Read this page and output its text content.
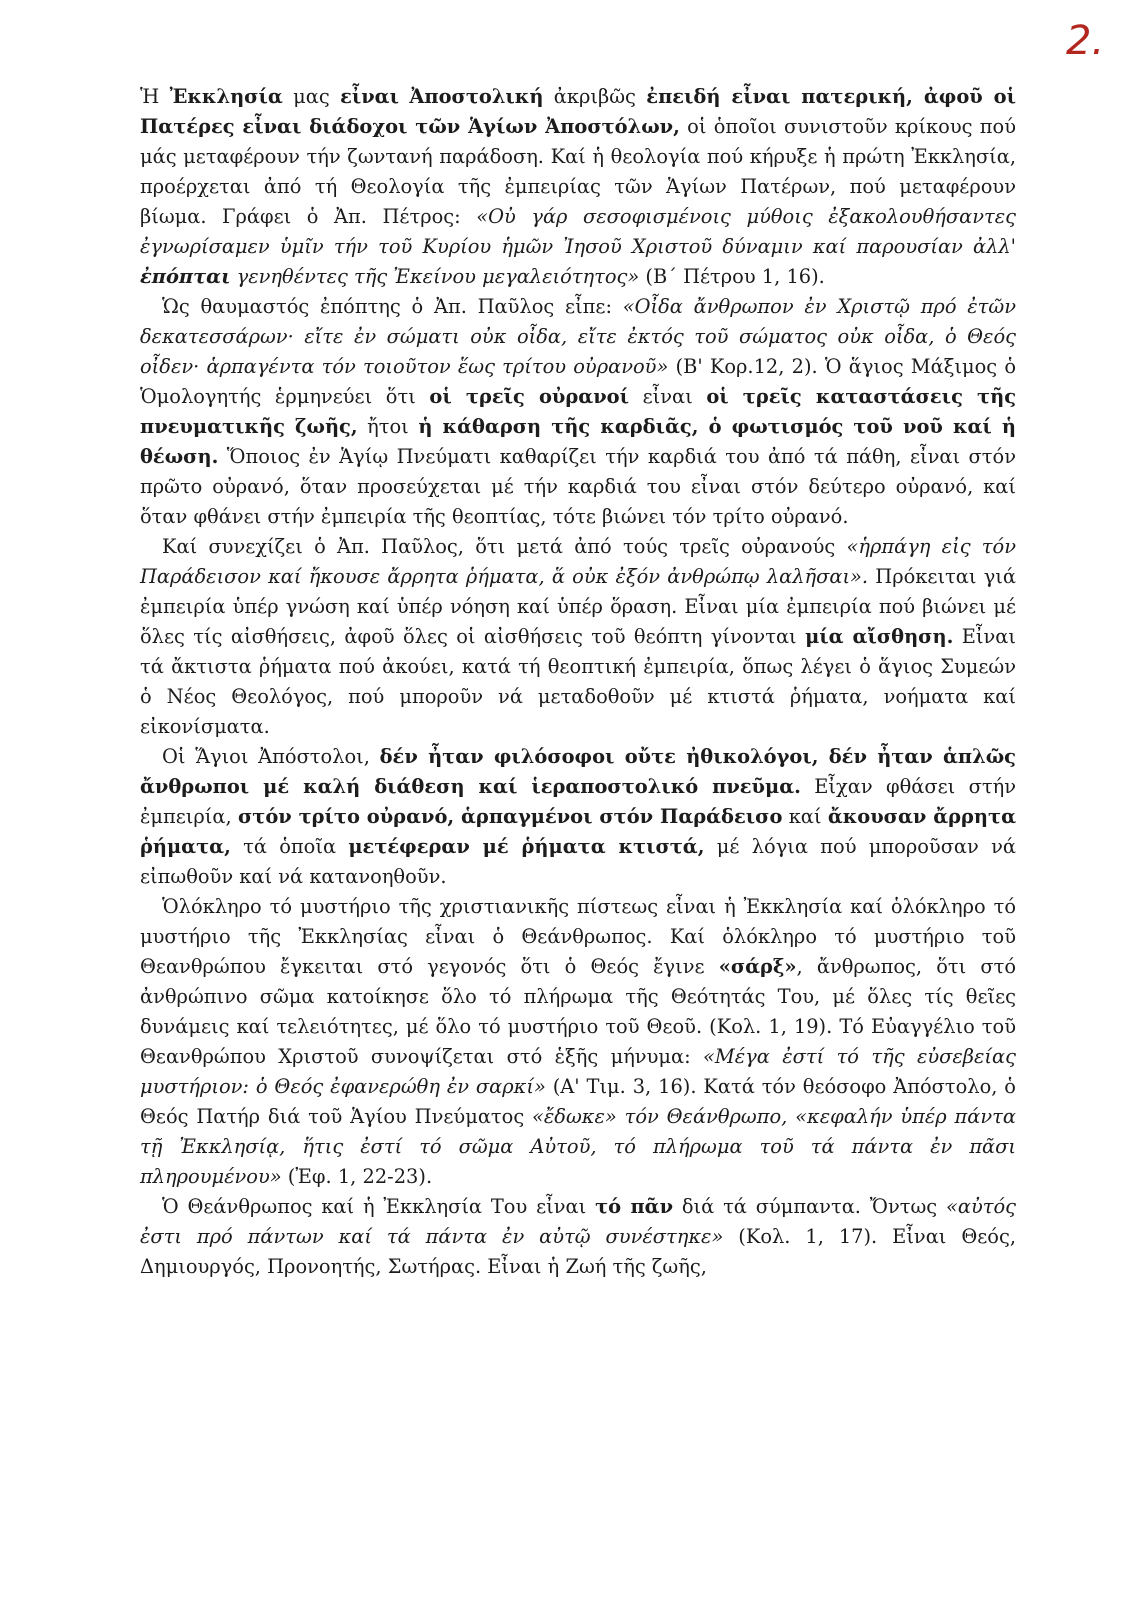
2.

Ἡ Ἐκκλησία μας εἶναι Ἀποστολική ἀκριβῶς ἐπειδή εἶναι πατερική, ἀφοῦ οἱ Πατέρες εἶναι διάδοχοι τῶν Ἁγίων Ἀποστόλων, οἱ ὁποῖοι συνιστοῦν κρίκους πού μάς μεταφέρουν τήν ζωντανή παράδοση. Καί ἡ θεολογία πού κήρυξε ἡ πρώτη Ἐκκλησία, προέρχεται ἀπό τή Θεολογία τῆς ἐμπειρίας τῶν Ἁγίων Πατέρων, πού μεταφέρουν βίωμα. Γράφει ὁ Ἀπ. Πέτρος: «Οὐ γάρ σεσοφισμένοις μύθοις ἐξακολουθήσαντες ἐγνωρίσαμεν ὑμῖν τήν τοῦ Κυρίου ἡμῶν Ἰησοῦ Χριστοῦ δύναμιν καί παρουσίαν ἀλλ' ἐπόπται γενηθέντες τῆς Ἐκείνου μεγαλειότητος» (Β´ Πέτρου 1, 16).

Ὡς θαυμαστός ἐπόπτης ὁ Ἀπ. Παῦλος εἶπε: «Οἶδα ἄνθρωπον ἐν Χριστῷ πρό ἐτῶν δεκατεσσάρων· εἴτε ἐν σώματι οὐκ οἶδα, εἴτε ἐκτός τοῦ σώματος οὐκ οἶδα, ὁ Θεός οἶδεν· ἁρπαγέντα τόν τοιοῦτον ἕως τρίτου οὐρανοῦ» (Β' Κορ.12, 2). Ὁ ἅγιος Μάξιμος ὁ Ὁμολογητής ἑρμηνεύει ὅτι οἱ τρεῖς οὐρανοί εἶναι οἱ τρεῖς καταστάσεις τῆς πνευματικῆς ζωῆς, ἤτοι ἡ κάθαρση τῆς καρδιᾶς, ὁ φωτισμός τοῦ νοῦ καί ἡ θέωση. Ὅποιος ἐν Ἁγίῳ Πνεύματι καθαρίζει τήν καρδιά του ἀπό τά πάθη, εἶναι στόν πρῶτο οὐρανό, ὅταν προσεύχεται μέ τήν καρδιά του εἶναι στόν δεύτερο οὐρανό, καί ὅταν φθάνει στήν ἐμπειρία τῆς θεοπτίας, τότε βιώνει τόν τρίτο οὐρανό.

Καί συνεχίζει ὁ Ἀπ. Παῦλος, ὅτι μετά ἀπό τούς τρεῖς οὐρανούς «ἡρπάγη εἰς τόν Παράδεισον καί ἤκουσε ἄρρητα ῥήματα, ἅ οὐκ ἐξόν ἀνθρώπῳ λαλῆσαι». Πρόκειται γιά ἐμπειρία ὑπέρ γνώση καί ὑπέρ νόηση καί ὑπέρ ὅραση. Εἶναι μία ἐμπειρία πού βιώνει μέ ὅλες τίς αἰσθήσεις, ἀφοῦ ὅλες οἱ αἰσθήσεις τοῦ θεόπτη γίνονται μία αἴσθηση. Εἶναι τά ἄκτιστα ῥήματα πού ἀκούει, κατά τή θεοπτική ἐμπειρία, ὅπως λέγει ὁ ἅγιος Συμεών ὁ Νέος Θεολόγος, πού μποροῦν νά μεταδοθοῦν μέ κτιστά ῥήματα, νοήματα καί εἰκονίσματα.

Οἱ Ἅγιοι Ἀπόστολοι, δέν ἦταν φιλόσοφοι οὔτε ἠθικολόγοι, δέν ἦταν ἁπλῶς ἄνθρωποι μέ καλή διάθεση καί ἱεραποστολικό πνεῦμα. Εἶχαν φθάσει στήν ἐμπειρία, στόν τρίτο οὐρανό, ἁρπαγμένοι στόν Παράδεισο καί ἄκουσαν ἄρρητα ῥήματα, τά ὁποῖα μετέφεραν μέ ῥήματα κτιστά, μέ λόγια πού μποροῦσαν νά εἰπωθοῦν καί νά κατανοηθοῦν.

Ὁλόκληρο τό μυστήριο τῆς χριστιανικῆς πίστεως εἶναι ἡ Ἐκκλησία καί ὁλόκληρο τό μυστήριο τῆς Ἐκκλησίας εἶναι ὁ Θεάνθρωπος. Καί ὁλόκληρο τό μυστήριο τοῦ Θεανθρώπου ἔγκειται στό γεγονός ὅτι ὁ Θεός ἔγινε «σάρξ», ἄνθρωπος, ὅτι στό ἀνθρώπινο σῶμα κατοίκησε ὅλο τό πλήρωμα τῆς Θεότητάς Του, μέ ὅλες τίς θεῖες δυνάμεις καί τελειότητες, μέ ὅλο τό μυστήριο τοῦ Θεοῦ. (Κολ. 1, 19). Τό Εὐαγγέλιο τοῦ Θεανθρώπου Χριστοῦ συνοψίζεται στό ἑξῆς μήνυμα: «Μέγα ἐστί τό τῆς εὐσεβείας μυστήριον: ὁ Θεός ἐφανερώθη ἐν σαρκί» (Α' Τιμ. 3, 16). Κατά τόν θεόσοφο Ἀπόστολο, ὁ Θεός Πατήρ διά τοῦ Ἁγίου Πνεύματος «ἔδωκε» τόν Θεάνθρωπο, «κεφαλήν ὑπέρ πάντα τῇ Ἐκκλησίᾳ, ἥτις ἐστί τό σῶμα Αὐτοῦ, τό πλήρωμα τοῦ τά πάντα ἐν πᾶσι πληρουμένου» (Ἐφ. 1, 22-23).

Ὁ Θεάνθρωπος καί ἡ Ἐκκλησία Του εἶναι τό πᾶν διά τά σύμπαντα. Ὄντως «αὐτός ἐστι πρό πάντων καί τά πάντα ἐν αὐτῷ συνέστηκε» (Κολ. 1, 17). Εἶναι Θεός, Δημιουργός, Προνοητής, Σωτήρας. Εἶναι ἡ Ζωή τῆς ζωῆς,
